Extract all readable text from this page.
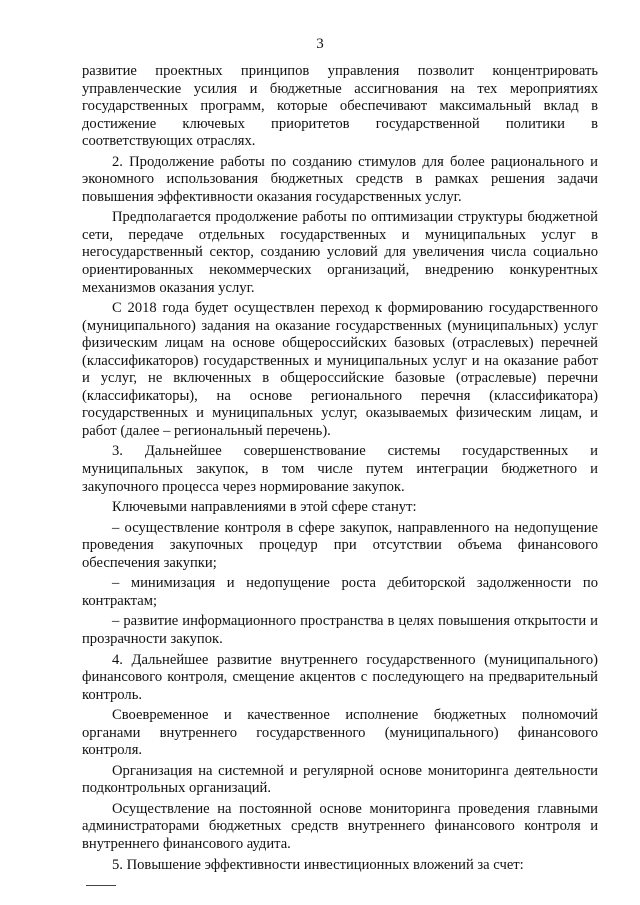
3

развитие проектных принципов управления позволит концентрировать управленческие усилия и бюджетные ассигнования на тех мероприятиях государственных программ, которые обеспечивают максимальный вклад в достижение ключевых приоритетов государственной политики в соответствующих отраслях.

2. Продолжение работы по созданию стимулов для более рационального и экономного использования бюджетных средств в рамках решения задачи повышения эффективности оказания государственных услуг.

Предполагается продолжение работы по оптимизации структуры бюджетной сети, передаче отдельных государственных и муниципальных услуг в негосударственный сектор, созданию условий для увеличения числа социально ориентированных некоммерческих организаций, внедрению конкурентных механизмов оказания услуг.

С 2018 года будет осуществлен переход к формированию государственного (муниципального) задания на оказание государственных (муниципальных) услуг физическим лицам на основе общероссийских базовых (отраслевых) перечней (классификаторов) государственных и муниципальных услуг и на оказание работ и услуг, не включенных в общероссийские базовые (отраслевые) перечни (классификаторы), на основе регионального перечня (классификатора) государственных и муниципальных услуг, оказываемых физическим лицам, и работ (далее – региональный перечень).

3. Дальнейшее совершенствование системы государственных и муниципальных закупок, в том числе путем интеграции бюджетного и закупочного процесса через нормирование закупок.

Ключевыми направлениями в этой сфере станут:

– осуществление контроля в сфере закупок, направленного на недопущение проведения закупочных процедур при отсутствии объема финансового обеспечения закупки;

– минимизация и недопущение роста дебиторской задолженности по контрактам;

– развитие информационного пространства в целях повышения открытости и прозрачности закупок.

4. Дальнейшее развитие внутреннего государственного (муниципального) финансового контроля, смещение акцентов с последующего на предварительный контроль.

Своевременное и качественное исполнение бюджетных полномочий органами внутреннего государственного (муниципального) финансового контроля.

Организация на системной и регулярной основе мониторинга деятельности подконтрольных организаций.

Осуществление на постоянной основе мониторинга проведения главными администраторами бюджетных средств внутреннего финансового контроля и внутреннего финансового аудита.

5. Повышение эффективности инвестиционных вложений за счет:
